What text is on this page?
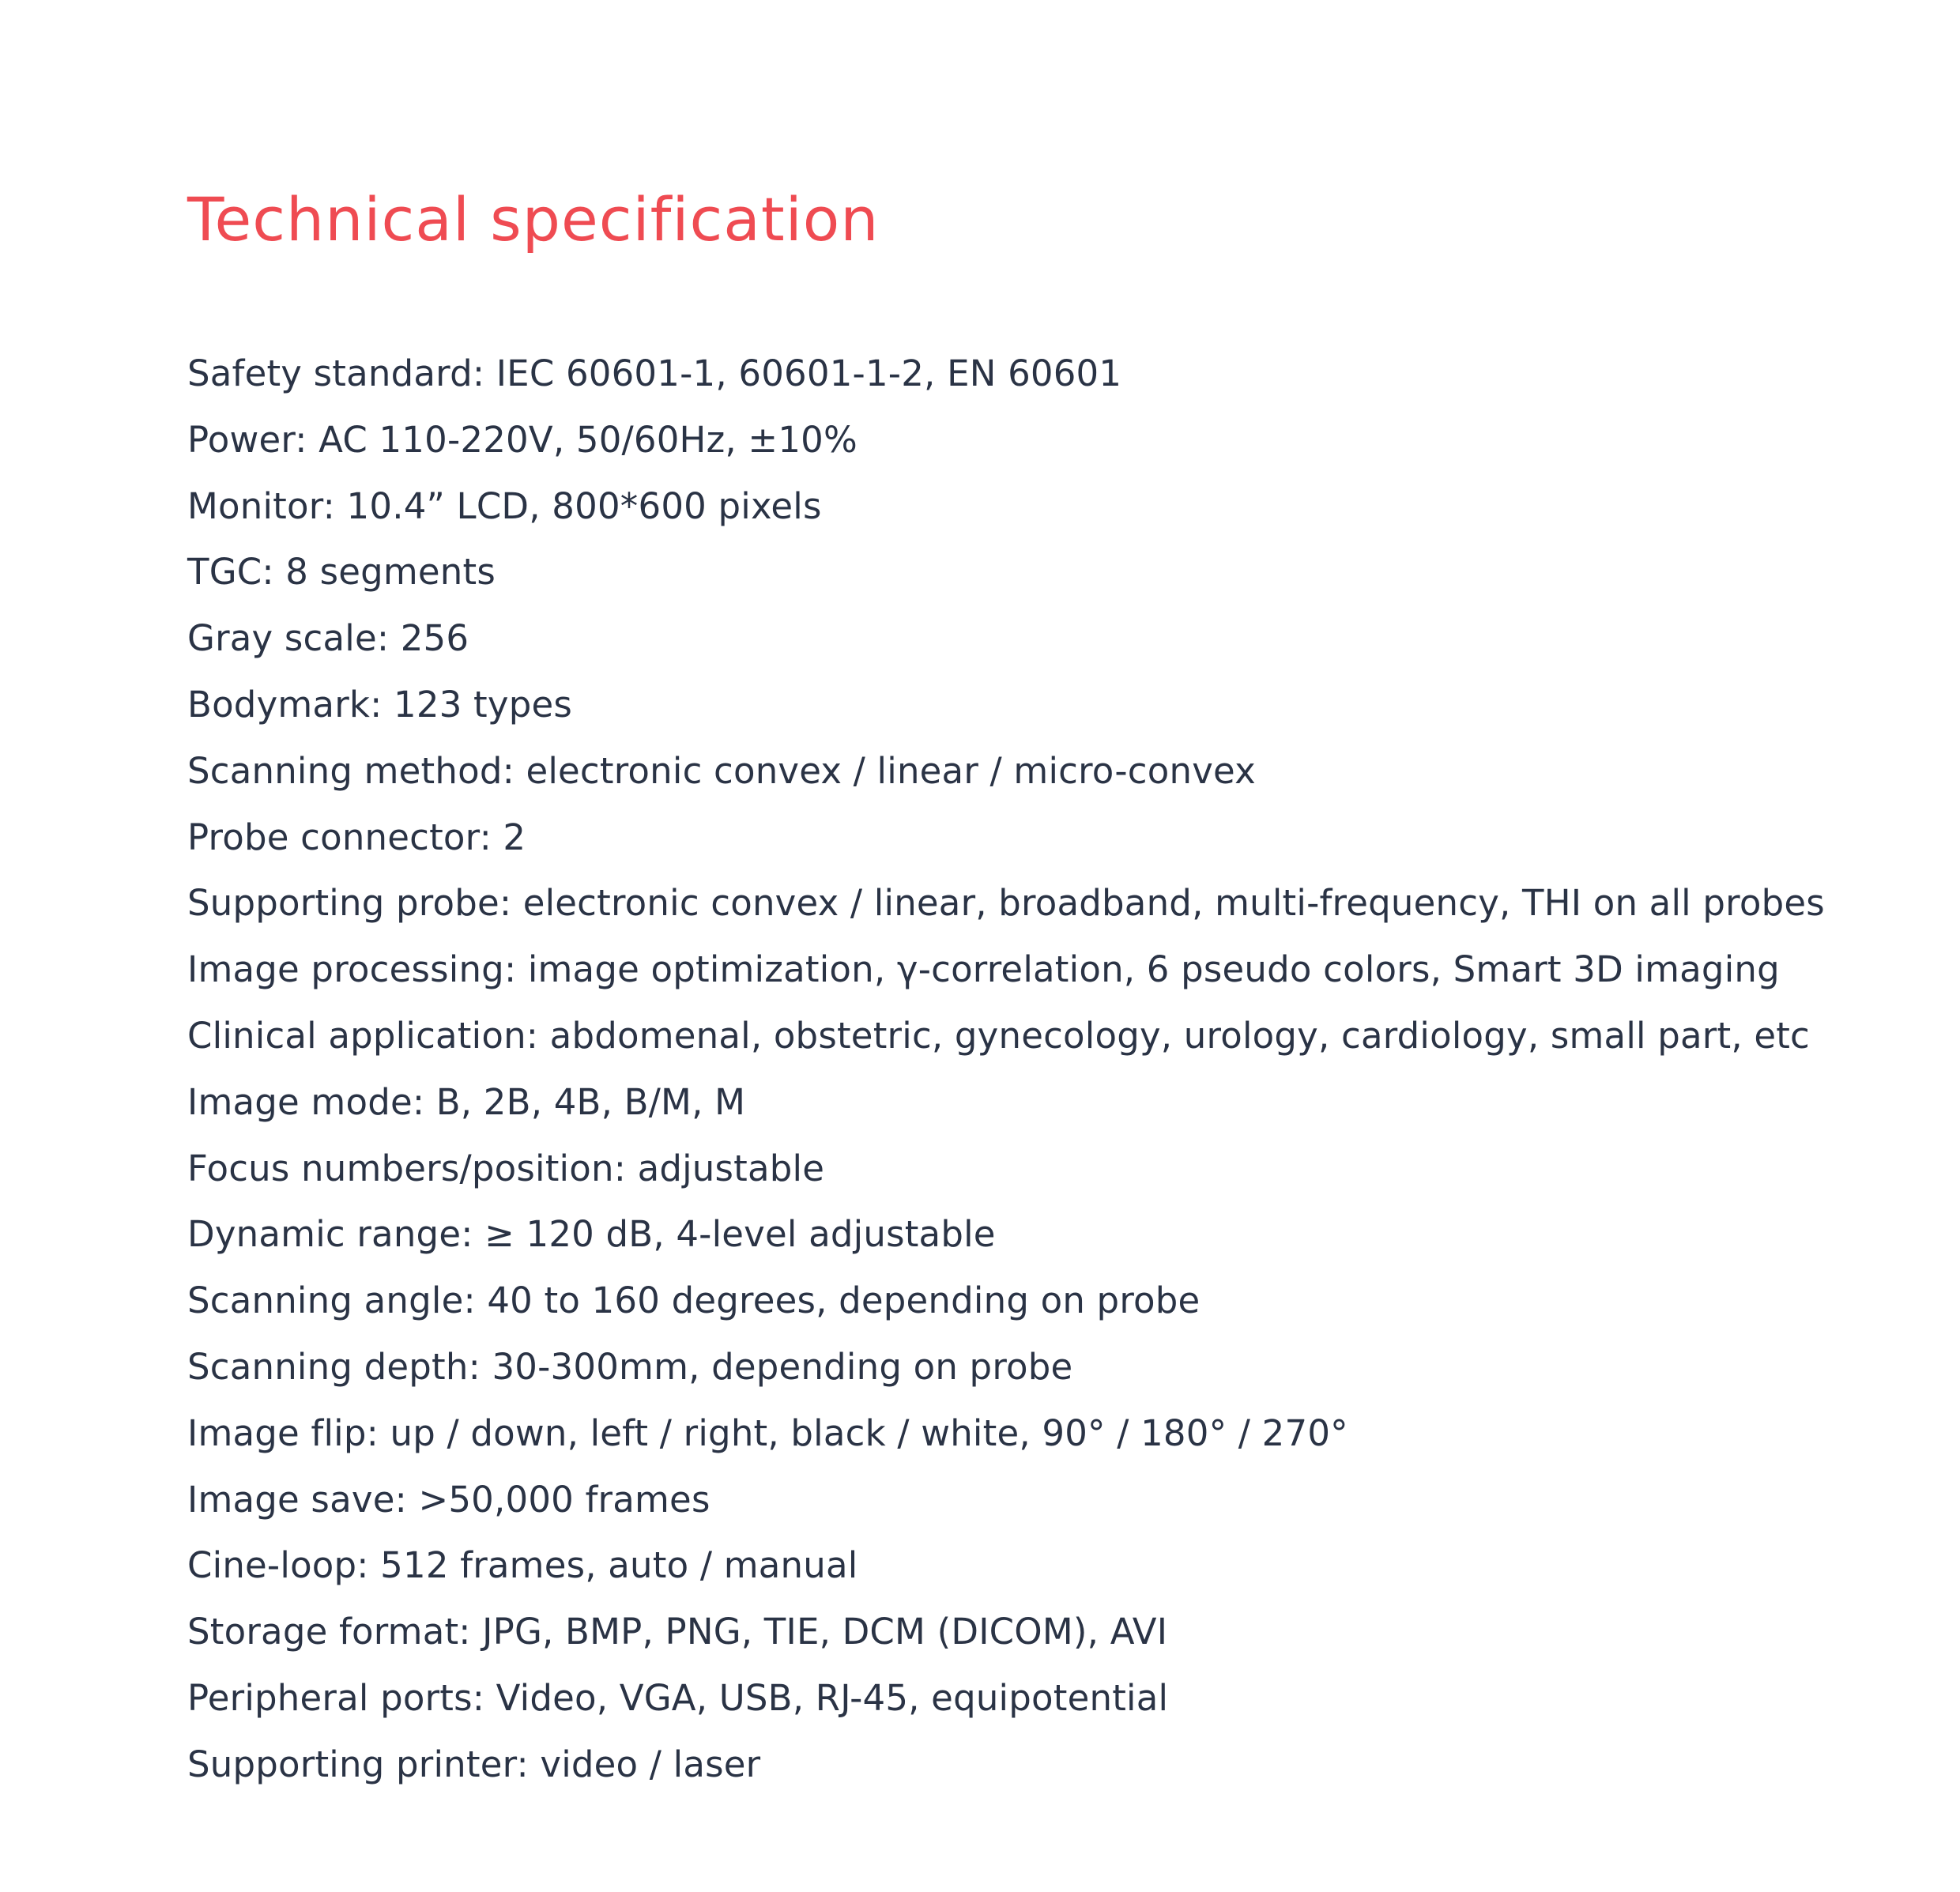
Technical specification
Safety standard: IEC 60601-1, 60601-1-2, EN 60601
Power: AC 110-220V, 50/60Hz, ±10%
Monitor: 10.4” LCD, 800*600 pixels
TGC: 8 segments
Gray scale: 256
Bodymark: 123 types
Scanning method: electronic convex / linear / micro-convex
Probe connector: 2
Supporting probe: electronic convex / linear, broadband, multi-frequency, THI on all probes
Image processing: image optimization, γ-correlation, 6 pseudo colors, Smart 3D imaging
Clinical application: abdomenal, obstetric, gynecology, urology, cardiology, small part, etc
Image mode: B, 2B, 4B, B/M, M
Focus numbers/position: adjustable
Dynamic range: ≥ 120 dB, 4-level adjustable
Scanning angle: 40 to 160 degrees, depending on probe
Scanning depth: 30-300mm, depending on probe
Image flip: up / down, left / right, black / white, 90° / 180° / 270°
Image save: >50,000 frames
Cine-loop: 512 frames, auto / manual
Storage format: JPG, BMP, PNG, TIE, DCM (DICOM), AVI
Peripheral ports: Video, VGA, USB, RJ-45, equipotential
Supporting printer: video / laser
